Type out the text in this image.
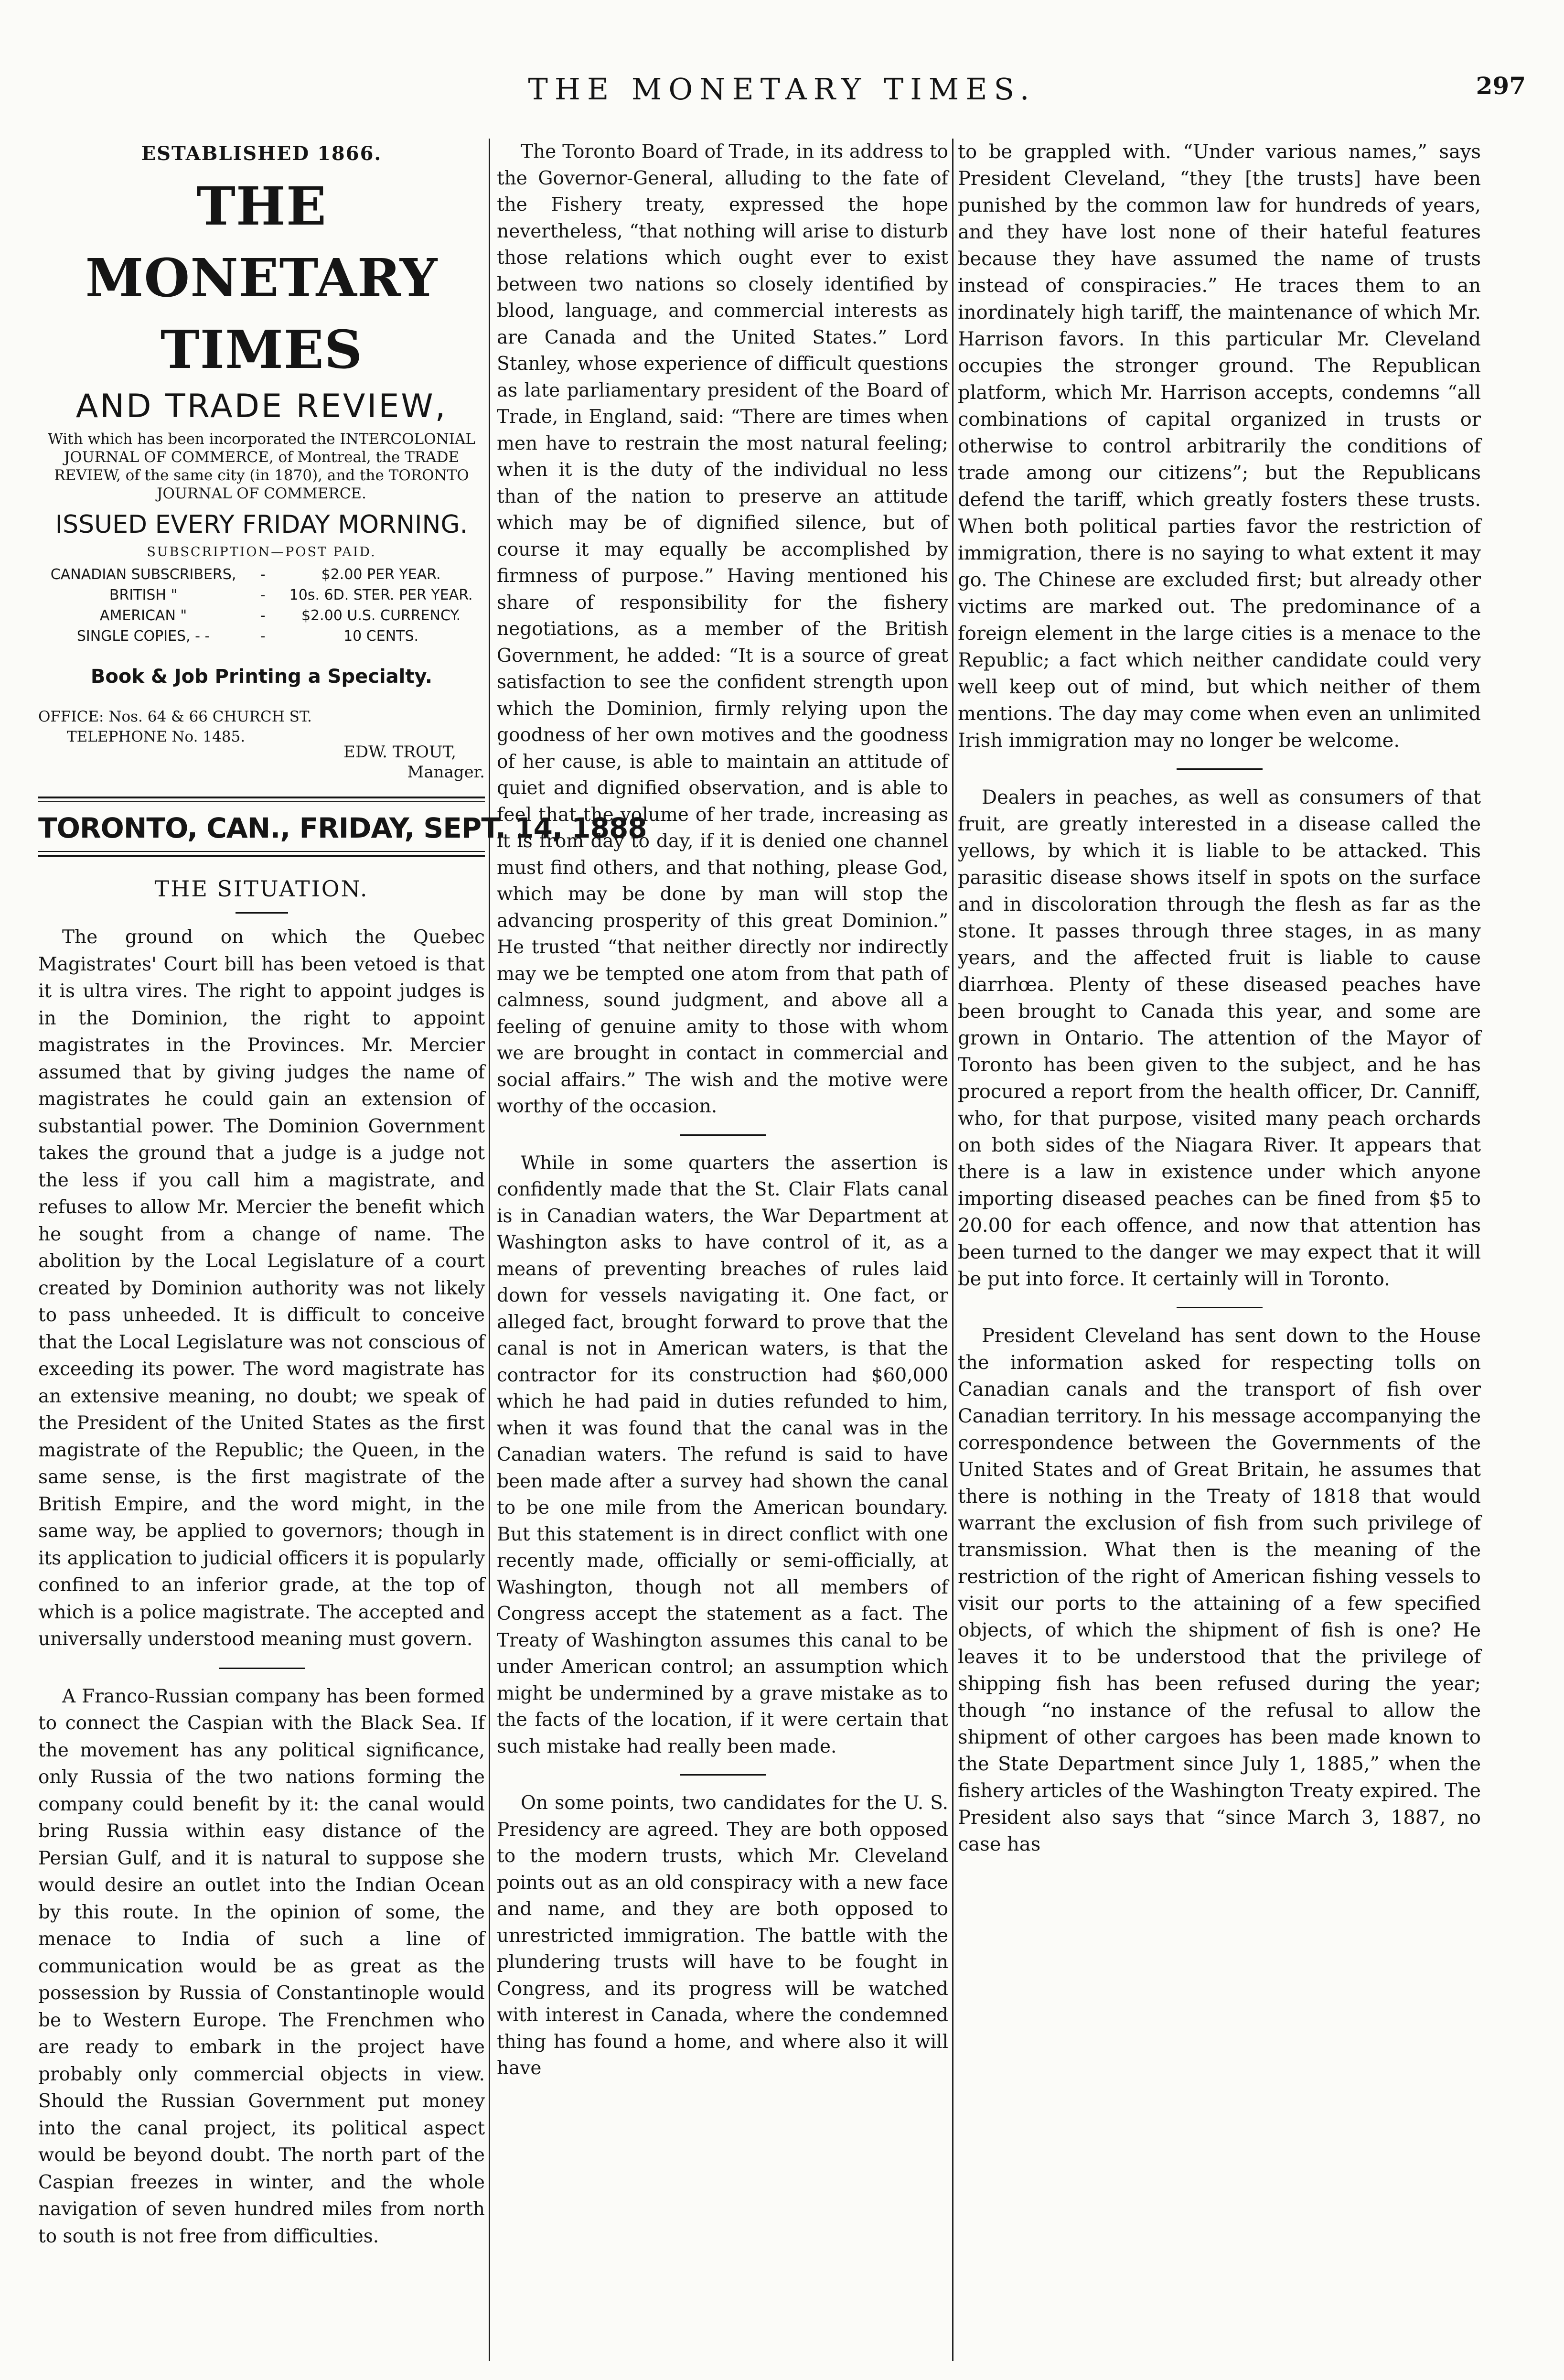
THE MONETARY TIMES.	297
ESTABLISHED 1866.
THE MONETARY TIMES
AND TRADE REVIEW,
With which has been incorporated the INTERCOLONIAL JOURNAL OF COMMERCE, of Montreal, the TRADE REVIEW, of the same city (in 1870), and the TORONTO JOURNAL OF COMMERCE.
ISSUED EVERY FRIDAY MORNING.
SUBSCRIPTION—POST PAID.
CANADIAN SUBSCRIBERS,	-	$2.00 PER YEAR.
BRITISH "	-	10s. 6D. STER. PER YEAR.
AMERICAN "	-	$2.00 U.S. CURRENCY.
SINGLE COPIES, - -	-	10 CENTS.
Book & Job Printing a Specialty.
OFFICE: Nos. 64 & 66 CHURCH ST.
TELEPHONE No. 1485.
EDW. TROUT,
Manager.
TORONTO, CAN., FRIDAY, SEPT. 14, 1888
THE SITUATION.

The ground on which the Quebec Magistrates' Court bill has been vetoed is that it is ultra vires. The right to appoint judges is in the Dominion, the right to appoint magistrates in the Provinces. Mr. Mercier assumed that by giving judges the name of magistrates he could gain an extension of substantial power. The Dominion Government takes the ground that a judge is a judge not the less if you call him a magistrate, and refuses to allow Mr. Mercier the benefit which he sought from a change of name. The abolition by the Local Legislature of a court created by Dominion authority was not likely to pass unheeded. It is difficult to conceive that the Local Legislature was not conscious of exceeding its power. The word magistrate has an extensive meaning, no doubt; we speak of the President of the United States as the first magistrate of the Republic; the Queen, in the same sense, is the first magistrate of the British Empire, and the word might, in the same way, be applied to governors; though in its application to judicial officers it is popularly confined to an inferior grade, at the top of which is a police magistrate. The accepted and universally understood meaning must govern.

A Franco-Russian company has been formed to connect the Caspian with the Black Sea. If the movement has any political significance, only Russia of the two nations forming the company could benefit by it: the canal would bring Russia within easy distance of the Persian Gulf, and it is natural to suppose she would desire an outlet into the Indian Ocean by this route. In the opinion of some, the menace to India of such a line of communication would be as great as the possession by Russia of Constantinople would be to Western Europe. The Frenchmen who are ready to embark in the project have probably only commercial objects in view. Should the Russian Government put money into the canal project, its political aspect would be beyond doubt. The north part of the Caspian freezes in winter, and the whole navigation of seven hundred miles from north to south is not free from difficulties.

The Toronto Board of Trade, in its address to the Governor-General, alluding to the fate of the Fishery treaty, expressed the hope nevertheless, “that nothing will arise to disturb those relations which ought ever to exist between two nations so closely identified by blood, language, and commercial interests as are Canada and the United States.” Lord Stanley, whose experience of difficult questions as late parliamentary president of the Board of Trade, in England, said: “There are times when men have to restrain the most natural feeling; when it is the duty of the individual no less than of the nation to preserve an attitude which may be of dignified silence, but of course it may equally be accomplished by firmness of purpose.” Having mentioned his share of responsibility for the fishery negotiations, as a member of the British Government, he added: “It is a source of great satisfaction to see the confident strength upon which the Dominion, firmly relying upon the goodness of her own motives and the goodness of her cause, is able to maintain an attitude of quiet and dignified observation, and is able to feel that the volume of her trade, increasing as it is from day to day, if it is denied one channel must find others, and that nothing, please God, which may be done by man will stop the advancing prosperity of this great Dominion.” He trusted “that neither directly nor indirectly may we be tempted one atom from that path of calmness, sound judgment, and above all a feeling of genuine amity to those with whom we are brought in contact in commercial and social affairs.” The wish and the motive were worthy of the occasion.

While in some quarters the assertion is confidently made that the St. Clair Flats canal is in Canadian waters, the War Department at Washington asks to have control of it, as a means of preventing breaches of rules laid down for vessels navigating it. One fact, or alleged fact, brought forward to prove that the canal is not in American waters, is that the contractor for its construction had $60,000 which he had paid in duties refunded to him, when it was found that the canal was in the Canadian waters. The refund is said to have been made after a survey had shown the canal to be one mile from the American boundary. But this statement is in direct conflict with one recently made, officially or semi-officially, at Washington, though not all members of Congress accept the statement as a fact. The Treaty of Washington assumes this canal to be under American control; an assumption which might be undermined by a grave mistake as to the facts of the location, if it were certain that such mistake had really been made.

On some points, two candidates for the U. S. Presidency are agreed. They are both opposed to the modern trusts, which Mr. Cleveland points out as an old conspiracy with a new face and name, and they are both opposed to unrestricted immigration. The battle with the plundering trusts will have to be fought in Congress, and its progress will be watched with interest in Canada, where the condemned thing has found a home, and where also it will have

to be grappled with. “Under various names,” says President Cleveland, “they [the trusts] have been punished by the common law for hundreds of years, and they have lost none of their hateful features because they have assumed the name of trusts instead of conspiracies.” He traces them to an inordinately high tariff, the maintenance of which Mr. Harrison favors. In this particular Mr. Cleveland occupies the stronger ground. The Republican platform, which Mr. Harrison accepts, condemns “all combinations of capital organized in trusts or otherwise to control arbitrarily the conditions of trade among our citizens”; but the Republicans defend the tariff, which greatly fosters these trusts. When both political parties favor the restriction of immigration, there is no saying to what extent it may go. The Chinese are excluded first; but already other victims are marked out. The predominance of a foreign element in the large cities is a menace to the Republic; a fact which neither candidate could very well keep out of mind, but which neither of them mentions. The day may come when even an unlimited Irish immigration may no longer be welcome.

Dealers in peaches, as well as consumers of that fruit, are greatly interested in a disease called the yellows, by which it is liable to be attacked. This parasitic disease shows itself in spots on the surface and in discoloration through the flesh as far as the stone. It passes through three stages, in as many years, and the affected fruit is liable to cause diarrhœa. Plenty of these diseased peaches have been brought to Canada this year, and some are grown in Ontario. The attention of the Mayor of Toronto has been given to the subject, and he has procured a report from the health officer, Dr. Canniff, who, for that purpose, visited many peach orchards on both sides of the Niagara River. It appears that there is a law in existence under which anyone importing diseased peaches can be fined from $5 to 20.00 for each offence, and now that attention has been turned to the danger we may expect that it will be put into force. It certainly will in Toronto.

President Cleveland has sent down to the House the information asked for respecting tolls on Canadian canals and the transport of fish over Canadian territory. In his message accompanying the correspondence between the Governments of the United States and of Great Britain, he assumes that there is nothing in the Treaty of 1818 that would warrant the exclusion of fish from such privilege of transmission. What then is the meaning of the restriction of the right of American fishing vessels to visit our ports to the attaining of a few specified objects, of which the shipment of fish is one? He leaves it to be understood that the privilege of shipping fish has been refused during the year; though “no instance of the refusal to allow the shipment of other cargoes has been made known to the State Department since July 1, 1885,” when the fishery articles of the Washington Treaty expired. The President also says that “since March 3, 1887, no case has
